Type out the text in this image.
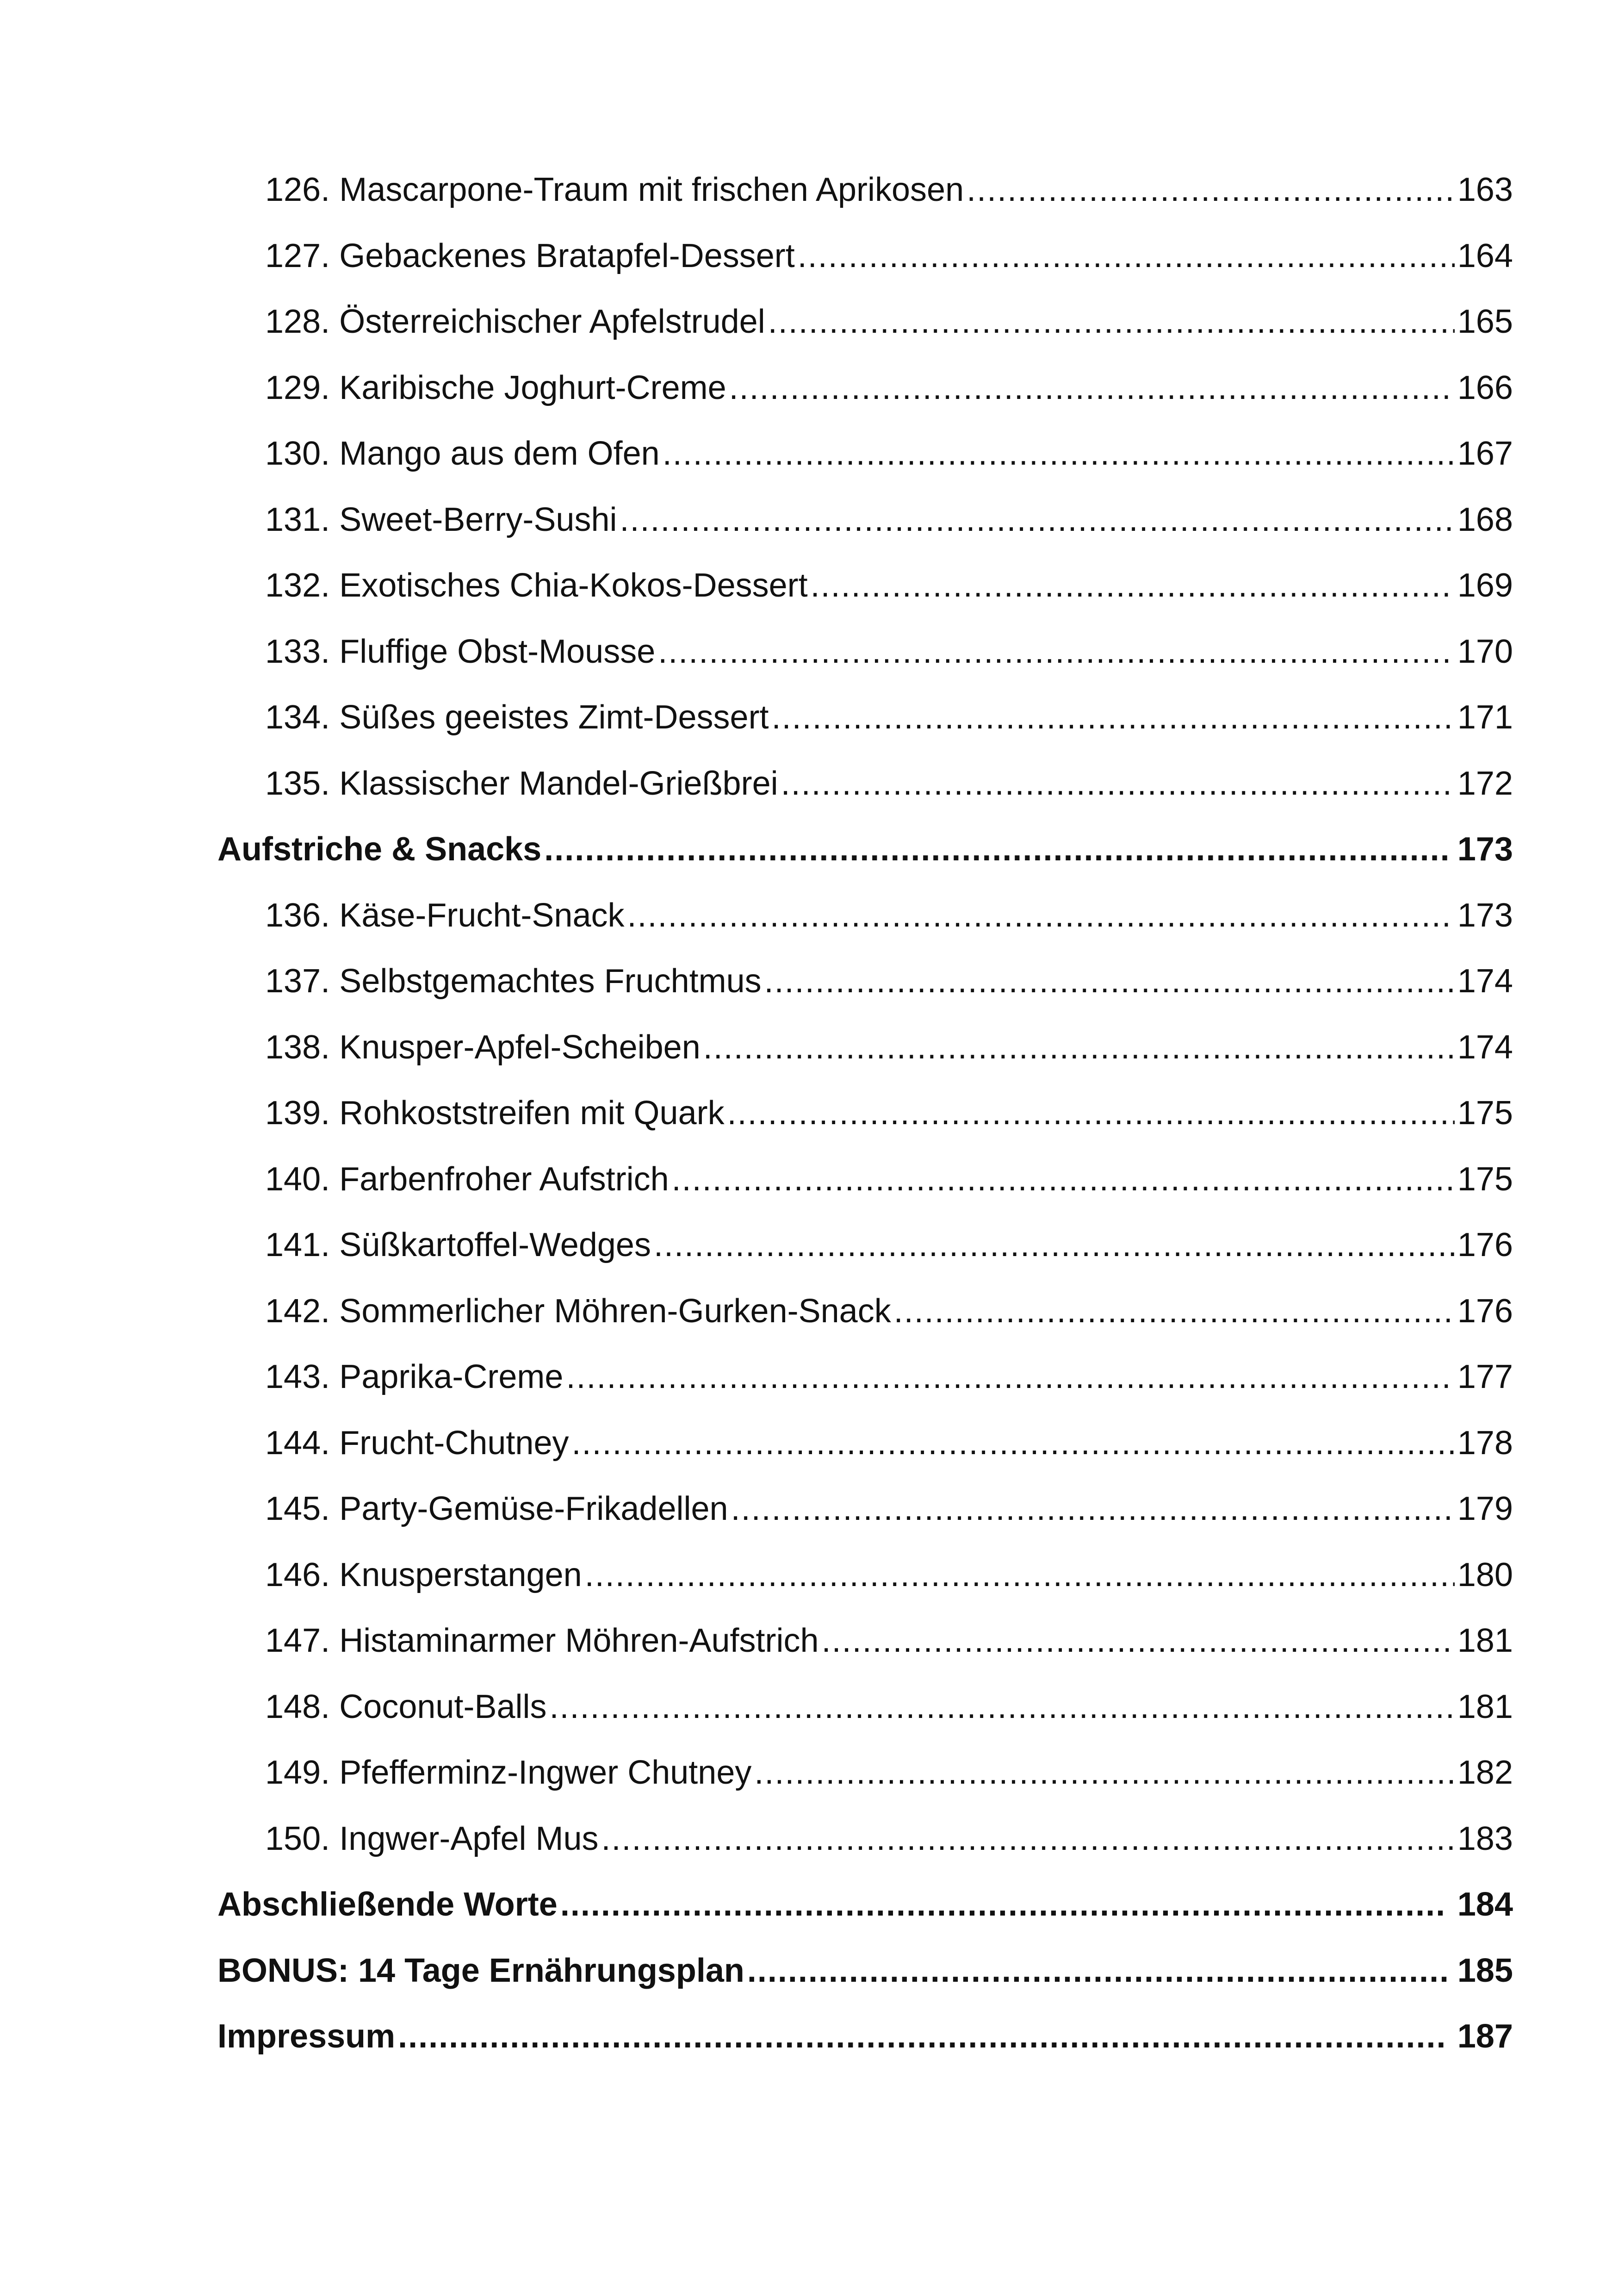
126. Mascarpone-Traum mit frischen Aprikosen .....	163
127. Gebackenes Bratapfel-Dessert .....	164
128. Österreichischer Apfelstrudel .....	165
129. Karibische Joghurt-Creme .....	166
130. Mango aus dem Ofen .....	167
131. Sweet-Berry-Sushi .....	168
132. Exotisches Chia-Kokos-Dessert .....	169
133. Fluffige Obst-Mousse .....	170
134. Süßes geeistes Zimt-Dessert .....	171
135. Klassischer Mandel-Grießbrei .....	172
Aufstriche & Snacks .....	173
136. Käse-Frucht-Snack .....	173
137. Selbstgemachtes Fruchtmus .....	174
138. Knusper-Apfel-Scheiben .....	174
139. Rohkoststreifen mit Quark .....	175
140. Farbenfroher Aufstrich .....	175
141. Süßkartoffel-Wedges .....	176
142. Sommerlicher Möhren-Gurken-Snack .....	176
143. Paprika-Creme .....	177
144. Frucht-Chutney .....	178
145. Party-Gemüse-Frikadellen .....	179
146. Knusperstangen .....	180
147. Histaminarmer Möhren-Aufstrich .....	181
148. Coconut-Balls .....	181
149. Pfefferminz-Ingwer Chutney .....	182
150. Ingwer-Apfel Mus .....	183
Abschließende Worte .....	184
BONUS: 14 Tage Ernährungsplan .....	185
Impressum .....	187
